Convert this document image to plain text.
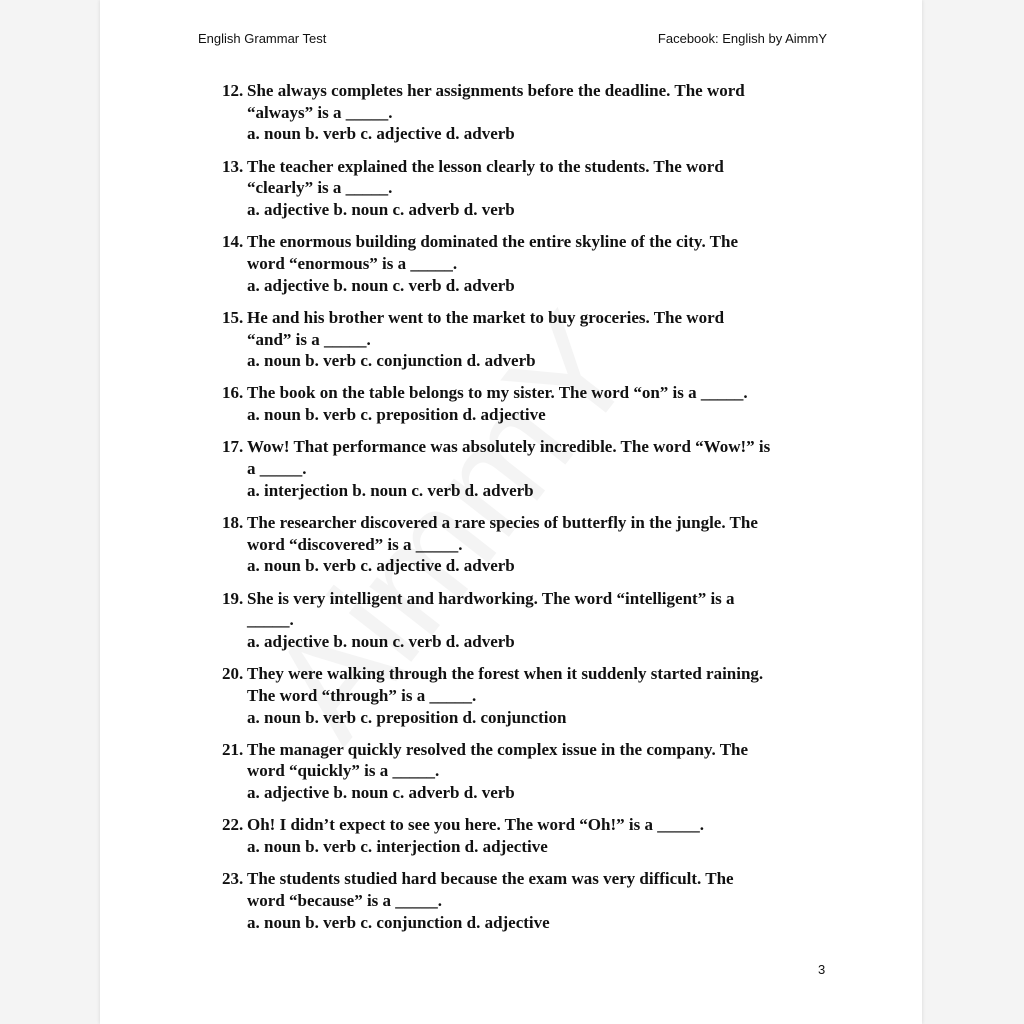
English Grammar Test	Facebook: English by AimmY
12. She always completes her assignments before the deadline. The word
“always” is a _____.
a. noun b. verb c. adjective d. adverb
13. The teacher explained the lesson clearly to the students. The word
“clearly” is a _____.
a. adjective b. noun c. adverb d. verb
14. The enormous building dominated the entire skyline of the city. The
word “enormous” is a _____.
a. adjective b. noun c. verb d. adverb
15. He and his brother went to the market to buy groceries. The word
“and” is a _____.
a. noun b. verb c. conjunction d. adverb
16. The book on the table belongs to my sister. The word “on” is a _____.
a. noun b. verb c. preposition d. adjective
17. Wow! That performance was absolutely incredible. The word “Wow!” is
a _____.
a. interjection b. noun c. verb d. adverb
18. The researcher discovered a rare species of butterfly in the jungle. The
word “discovered” is a _____.
a. noun b. verb c. adjective d. adverb
19. She is very intelligent and hardworking. The word “intelligent” is a
_____.
a. adjective b. noun c. verb d. adverb
20. They were walking through the forest when it suddenly started raining.
The word “through” is a _____.
a. noun b. verb c. preposition d. conjunction
21. The manager quickly resolved the complex issue in the company. The
word “quickly” is a _____.
a. adjective b. noun c. adverb d. verb
22. Oh! I didn’t expect to see you here. The word “Oh!” is a _____.
a. noun b. verb c. interjection d. adjective
23. The students studied hard because the exam was very difficult. The
word “because” is a _____.
a. noun b. verb c. conjunction d. adjective
3
